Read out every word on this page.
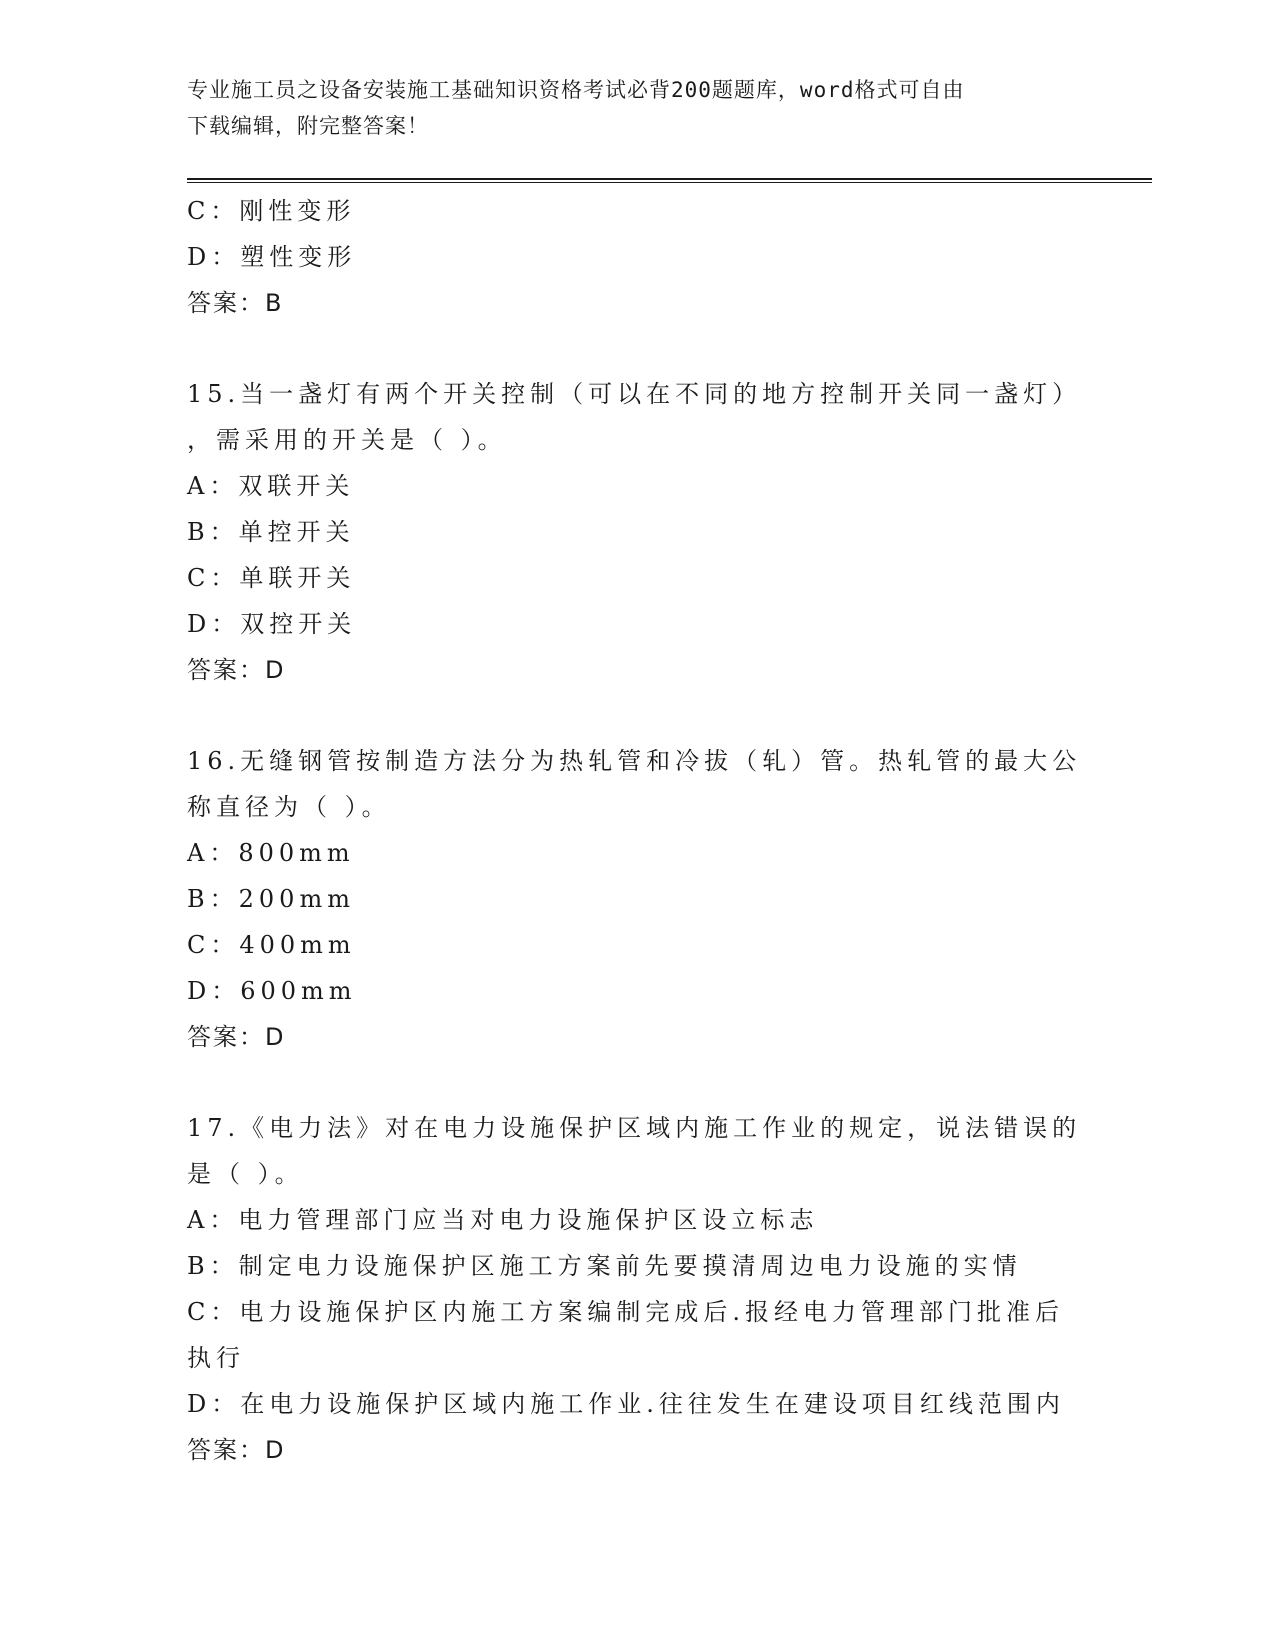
专业施工员之设备安装施工基础知识资格考试必背200题题库，word格式可自由
下载编辑，附完整答案！
C：刚性变形
D：塑性变形
答案：B
15.当一盏灯有两个开关控制（可以在不同的地方控制开关同一盏灯）
，需采用的开关是（ ）。
A：双联开关
B：单控开关
C：单联开关
D：双控开关
答案：D
16.无缝钢管按制造方法分为热轧管和冷拔（轧）管。热轧管的最大公
称直径为（ ）。
A：800mm
B：200mm
C：400mm
D：600mm
答案：D
17.《电力法》对在电力设施保护区域内施工作业的规定，说法错误的
是（ ）。
A：电力管理部门应当对电力设施保护区设立标志
B：制定电力设施保护区施工方案前先要摸清周边电力设施的实情
C：电力设施保护区内施工方案编制完成后.报经电力管理部门批准后
执行
D：在电力设施保护区域内施工作业.往往发生在建设项目红线范围内
答案：D
